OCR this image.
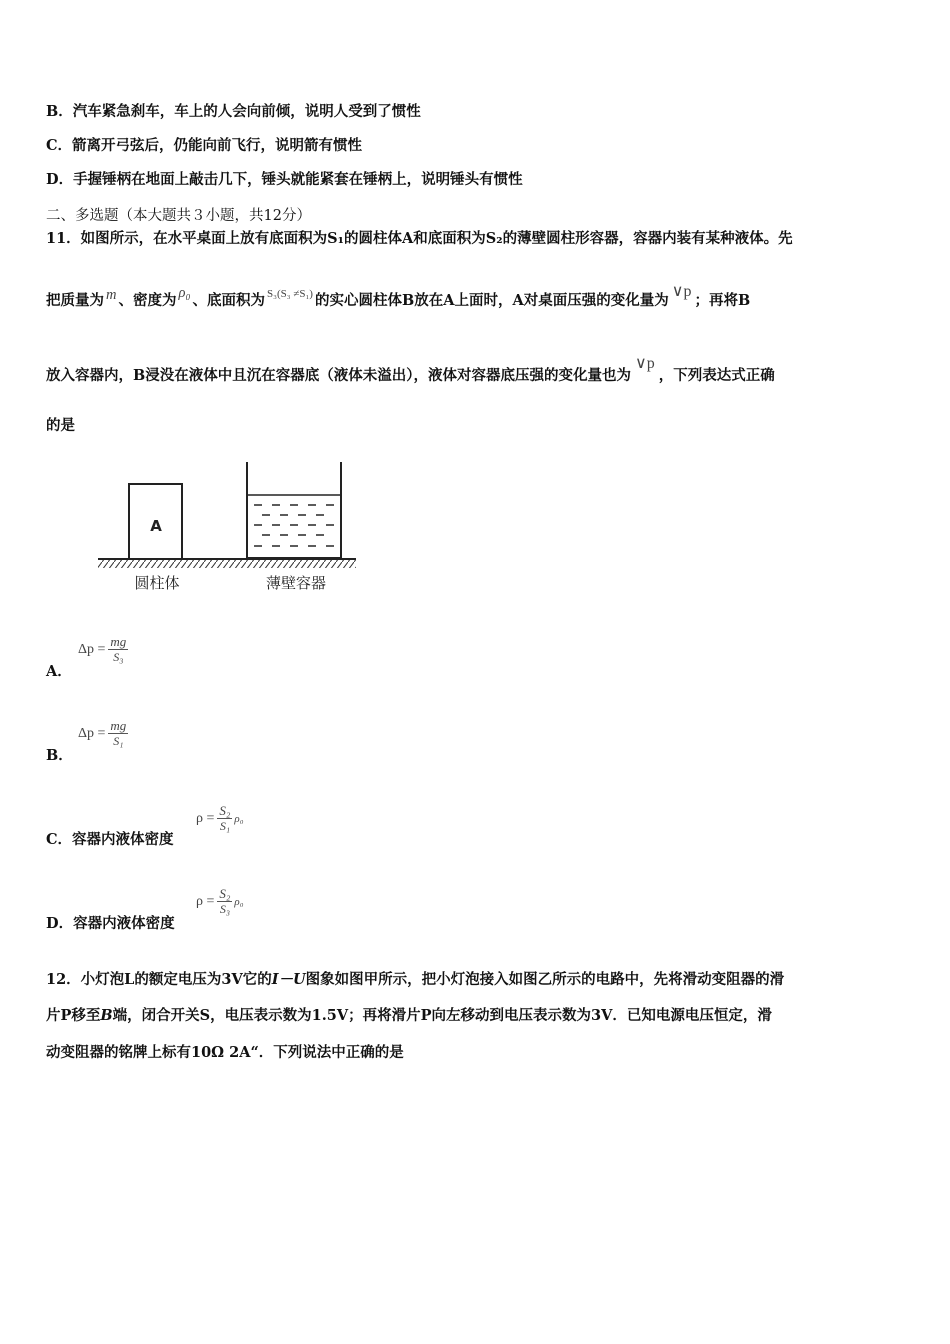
B．汽车紧急刹车，车上的人会向前倾，说明人受到了惯性
C．箭离开弓弦后，仍能向前飞行，说明箭有惯性
D．手握锤柄在地面上敲击几下，锤头就能紧套在锤柄上，说明锤头有惯性
二、多选题（本大题共３小题，共12分）
11．如图所示，在水平桌面上放有底面积为S₁的圆柱体A和底面积为S₂的薄壁圆柱形容器，容器内装有某种液体。先
把质量为 m 、密度为 ρ₀ 、底面积为 $^{S_3(S_3 \ne S_1)}$ 的实心圆柱体B放在A上面时，A对桌面压强的变化量为∨p；再将B
放入容器内，B浸没在液体中且沉在容器底（液体未溢出），液体对容器底压强的变化量也为∨p，下列表达式正确
的是
A
圆柱体	薄壁容器
A．
$\Delta p = \frac{mg}{\text{S₃}}$
B．
$\Delta p = \frac{mg}{\text{S₁}}$
C．容器内液体密度
$\rho = \frac{\text{S₂}}{\text{S₁}} \rho_0$
D．容器内液体密度
$\rho = \frac{\text{S₂}}{\text{S₃}} \rho_0$
12．小灯泡L的额定电压为3V它的I－U图象如图甲所示，把小灯泡接入如图乙所示的电路中，先将滑动变阻器的滑
片P移至B端，闭合开关S，电压表示数为1.5V；再将滑片P向左移动到电压表示数为3V．已知电源电压恒定，滑
动变阻器的铭牌上标有10Ω 2A“．下列说法中正确的是
